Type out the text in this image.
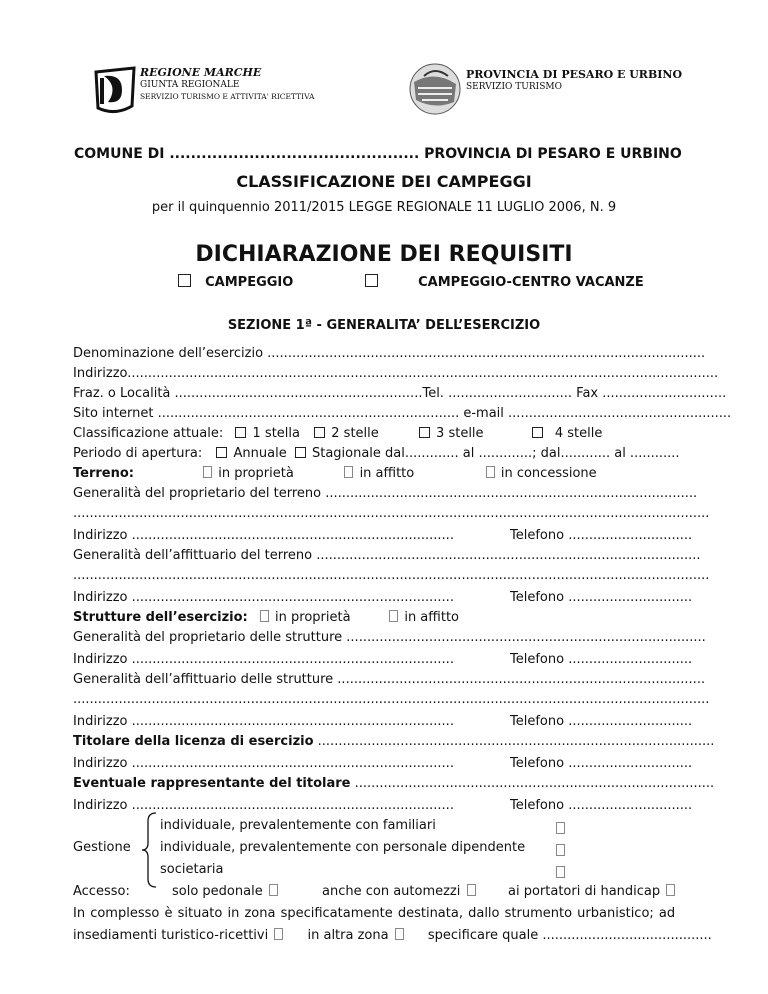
REGIONE MARCHE
GIUNTA REGIONALE
SERVIZIO TURISMO E ATTIVITA' RICETTIVA
PROVINCIA DI PESARO E URBINO
SERVIZIO TURISMO
COMUNE DI ............................................... PROVINCIA DI PESARO E URBINO
CLASSIFICAZIONE DEI CAMPEGGI
per il quinquennio 2011/2015 LEGGE REGIONALE 11 LUGLIO 2006, N. 9
DICHIARAZIONE DEI REQUISITI
CAMPEGGIO	CAMPEGGIO-CENTRO VACANZE
SEZIONE 1ª - GENERALITA’ DELL’ESERCIZIO
Denominazione dell’esercizio ..........................................................................................................
Indirizzo...............................................................................................................................................
Fraz. o Località ............................................................Tel. .............................. Fax ..............................
Sito internet ......................................................................... e-mail ......................................................
Classificazione attuale: 1 stella 2 stelle	3 stelle	4 stelle
Periodo di apertura: Annuale Stagionale dal............. al .............; dal............ al ............
Terreno:	in proprietà	in affitto	in concessione
Generalità del proprietario del terreno ..........................................................................................
..........................................................................................................................................................
Indirizzo ..............................................................................	Telefono ..............................
Generalità dell’affittuario del terreno .............................................................................................
..........................................................................................................................................................
Indirizzo ..............................................................................	Telefono ..............................
Strutture dell’esercizio: in proprietà	in affitto
Generalità del proprietario delle strutture .......................................................................................
Indirizzo ..............................................................................	Telefono ..............................
Generalità dell’affittuario delle strutture .........................................................................................
..........................................................................................................................................................
Indirizzo ..............................................................................	Telefono ..............................
Titolare della licenza di esercizio ................................................................................................
Indirizzo ..............................................................................	Telefono ..............................
Eventuale rappresentante del titolare .......................................................................................
Indirizzo ..............................................................................	Telefono ..............................
Gestione
individuale, prevalentemente con familiari
individuale, prevalentemente con personale dipendente
societaria
Accesso:	solo pedonale	anche con automezzi	ai portatori di handicap
In complesso è situato in zona specificatamente destinata, dallo strumento urbanistico; ad
insediamenti turistico-ricettivi	in altra zona	specificare quale .........................................
